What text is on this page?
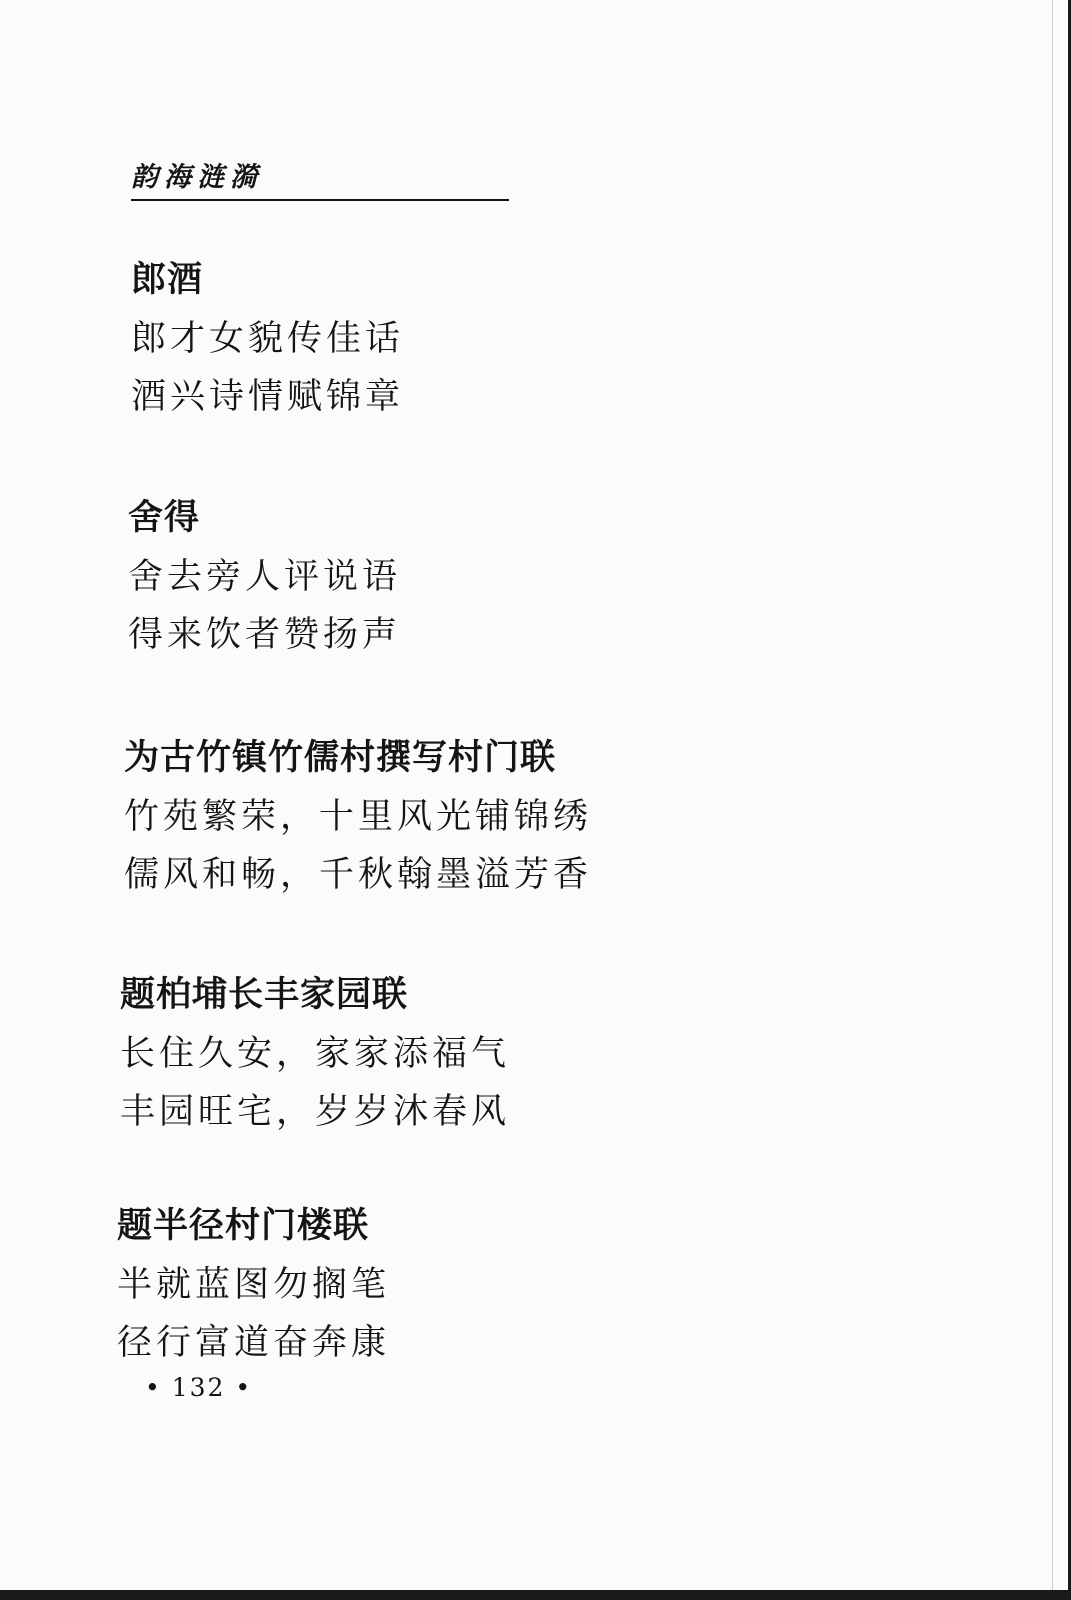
韵海涟漪
郎酒
郎才女貌传佳话
酒兴诗情赋锦章
舍得
舍去旁人评说语
得来饮者赞扬声
为古竹镇竹儒村撰写村门联
竹苑繁荣，十里风光铺锦绣
儒风和畅，千秋翰墨溢芳香
题柏埔长丰家园联
长住久安，家家添福气
丰园旺宅，岁岁沐春风
题半径村门楼联
半就蓝图勿搁笔
径行富道奋奔康
• 132 •
